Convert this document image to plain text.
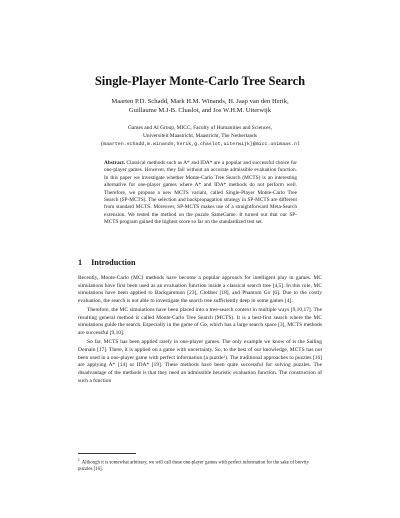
Single-Player Monte-Carlo Tree Search
Maarten P.D. Schadd, Mark H.M. Winands, H. Jaap van den Herik,
Guillaume M.J-B. Chaslot, and Jos W.H.M. Uiterwijk
Games and AI Group, MICC, Faculty of Humanities and Sciences,
Universiteit Maastricht, Maastricht, The Netherlands
{maarten.schadd,m.winands,herik,g.chaslot,uiterwijk}@micc.unimaas.nl
Abstract. Classical methods such as A* and IDA* are a popular and successful choice for one-player games. However, they fail without an accurate admissible evaluation function. In this paper we investigate whether Monte-Carlo Tree Search (MCTS) is an interesting alternative for one-player games where A* and IDA* methods do not perform well. Therefore, we propose a new MCTS variant, called Single-Player Monte-Carlo Tree Search (SP-MCTS). The selection and backpropagation strategy in SP-MCTS are different from standard MCTS. Moreover, SP-MCTS makes use of a straightforward Meta-Search extension. We tested the method on the puzzle SameGame. It turned out that our SP-MCTS program gained the highest score so far on the standardized test set.
1 Introduction

Recently, Monte-Carlo (MC) methods have become a popular approach for intelligent play in games. MC simulations have first been used as an evaluation function inside a classical search tree [4,5]. In this role, MC simulations have been applied to Backgammon [23], Clobber [18], and Phantom Go [6]. Due to the costly evaluation, the search is not able to investigate the search tree sufficiently deep in some games [4].

Therefore, the MC simulations have been placed into a tree-search context in multiple ways [9,10,17]. The resulting general method is called Monte-Carlo Tree Search (MCTS). It is a best-first search where the MC simulations guide the search. Especially in the game of Go, which has a large search space [3], MCTS methods are successful [9,10].

So far, MCTS has been applied rarely in one-player games. The only example we know of is the Sailing Domain [17]. There, it is applied on a game with uncertainty. So, to the best of our knowledge, MCTS has not been used in a one-player game with perfect information (a puzzle¹). The traditional approaches to puzzles [16] are applying A* [14] or IDA* [19]. These methods have been quite successful for solving puzzles. The disadvantage of the methods is that they need an admissible heuristic evaluation function. The construction of such a function

$^1$Although it is somewhat arbitrary, we will call these one-player games with perfect information for the sake of brevity puzzles [16].
